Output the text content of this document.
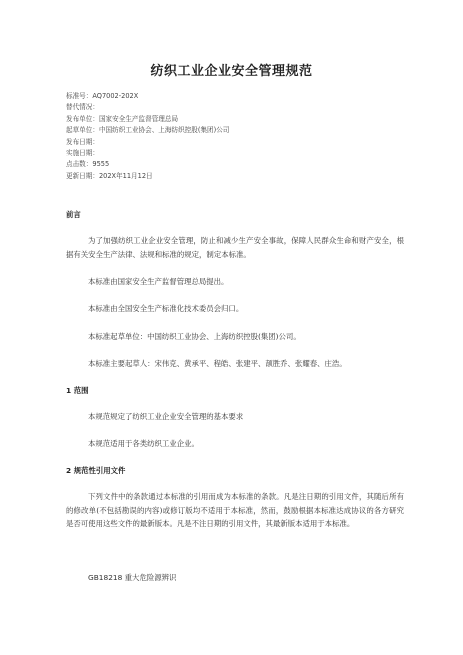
纺织工业企业安全管理规范
标准号：AQ7002-202X
替代情况：
发布单位：国家安全生产监督管理总局
起草单位：中国纺织工业协会、上海纺织控股(集团)公司
发布日期：
实施日期：
点击数：9555
更新日期：202X年11月12日
前言
为了加强纺织工业企业安全管理，防止和减少生产安全事故，保障人民群众生命和财产安全，根据有关安全生产法律、法规和标准的规定，制定本标准。
本标准由国家安全生产监督管理总局提出。
本标准由全国安全生产标准化技术委员会归口。
本标准起草单位：中国纺织工业协会、上海纺织控股(集团)公司。
本标准主要起草人：宋伟克、黄承平、程皓、张建平、颉胜乔、张耀春、庄浩。
1 范围
本规范规定了纺织工业企业安全管理的基本要求
本规范适用于各类纺织工业企业。
2 规范性引用文件
下列文件中的条款通过本标准的引用而成为本标准的条款。凡是注日期的引用文件，其随后所有的修改单(不包括勘误的内容)或修订版均不适用于本标准，然而，鼓励根据本标准达成协议的各方研究是否可使用这些文件的最新版本。凡是不注日期的引用文件，其最新版本适用于本标准。
GB18218 重大危险源辨识
